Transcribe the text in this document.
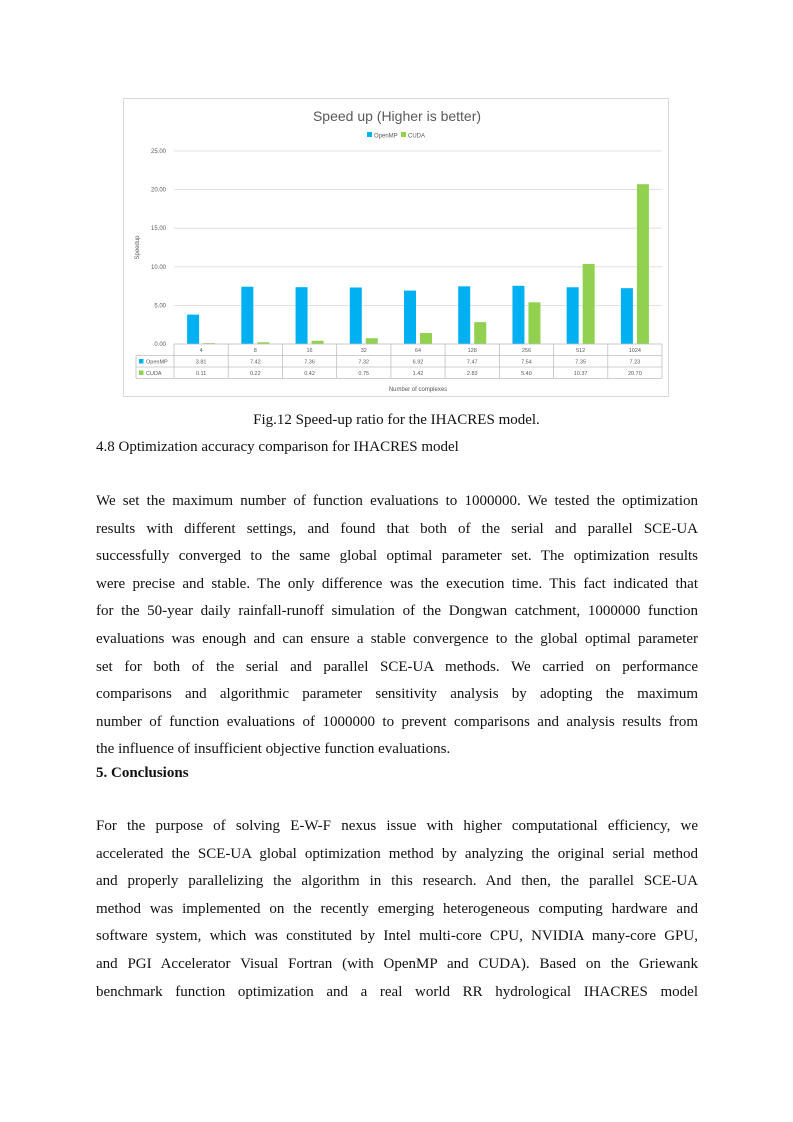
Speed up (Higher is better)
OpenMP CUDA
0.00
5.00
10.00
15.00
20.00
25.00
Speedup
4	8	16	32	64	128	256	512	1024
OpenMP	3.81	7.42	7.36	7.32	6.92	7.47	7.54	7.35	7.23
CUDA	0.11	0.22	0.42	0.75	1.42	2.83	5.40	10.37	20.70
Number of complexes
Fig.12 Speed-up ratio for the IHACRES model.
4.8 Optimization accuracy comparison for IHACRES model
We set the maximum number of function evaluations to 1000000. We tested the optimization
results with different settings, and found that both of the serial and parallel SCE-UA
successfully converged to the same global optimal parameter set. The optimization results
were precise and stable. The only difference was the execution time. This fact indicated that
for the 50-year daily rainfall-runoff simulation of the Dongwan catchment, 1000000 function
evaluations was enough and can ensure a stable convergence to the global optimal parameter
set for both of the serial and parallel SCE-UA methods. We carried on performance
comparisons and algorithmic parameter sensitivity analysis by adopting the maximum
number of function evaluations of 1000000 to prevent comparisons and analysis results from
the influence of insufficient objective function evaluations.
5. Conclusions
For the purpose of solving E-W-F nexus issue with higher computational efficiency, we
accelerated the SCE-UA global optimization method by analyzing the original serial method
and properly parallelizing the algorithm in this research. And then, the parallel SCE-UA
method was implemented on the recently emerging heterogeneous computing hardware and
software system, which was constituted by Intel multi-core CPU, NVIDIA many-core GPU,
and PGI Accelerator Visual Fortran (with OpenMP and CUDA). Based on the Griewank
benchmark function optimization and a real world RR hydrological IHACRES model
